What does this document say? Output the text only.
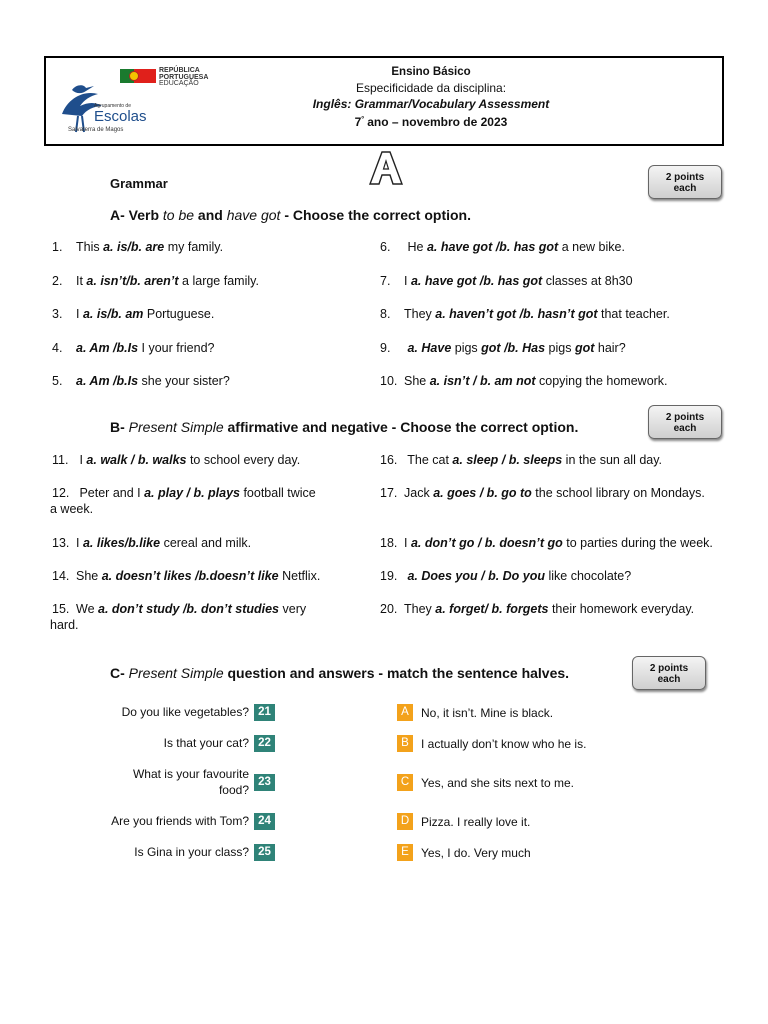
REPÚBLICA
PORTUGUESA
EDUCAÇÃO
Agrupamento de
Escolas
Salvaterra de Magos
Ensino Básico
Especificidade da disciplina:
Inglês: Grammar/Vocabulary Assessment
$7^º$ ano – novembro de 2023
Grammar	2 points
each
2 points
each
2 points
each
A- Verb to be and have got - Choose the correct option.
1. This a. is/b. are my family.
2. It a. isn’t/b. aren’t a large family.
3. I a. is/b. am Portuguese.
4. a. Am /b.Is I your friend?
5. a. Am /b.Is she your sister?
6. He a. have got /b. has got a new bike.
7. I a. have got /b. has got classes at 8h30
8. They a. haven’t got /b. hasn’t got that teacher.
9. a. Have pigs got /b. Has pigs got hair?
10. She a. isn’t / b. am not copying the homework.
B- Present Simple affirmative and negative - Choose the correct option.
11. I a. walk / b. walks to school every day.
12. Peter and I a. play / b. plays football twice
a week.
13. I a. likes/b.like cereal and milk.
14. She a. doesn’t likes /b.doesn’t like Netflix.
15. We a. don’t study /b. don’t studies very
hard.
16. The cat a. sleep / b. sleeps in the sun all day.
17. Jack a. goes / b. go to the school library on Mondays.
18. I a. don’t go / b. doesn’t go to parties during the week.
19. a. Does you / b. Do you like chocolate?
20. They a. forget/ b. forgets their homework everyday.
C- Present Simple question and answers - match the sentence halves.
Do you like vegetables? 21
Is that your cat? 22
What is your favourite food?
23
Are you friends with Tom? 24
Is Gina in your class? 25
A	No, it isn’t. Mine is black.
B	I actually don’t know who he is.
C Yes, and she sits next to me.
D Pizza. I really love it.
E	Yes, I do. Very much
